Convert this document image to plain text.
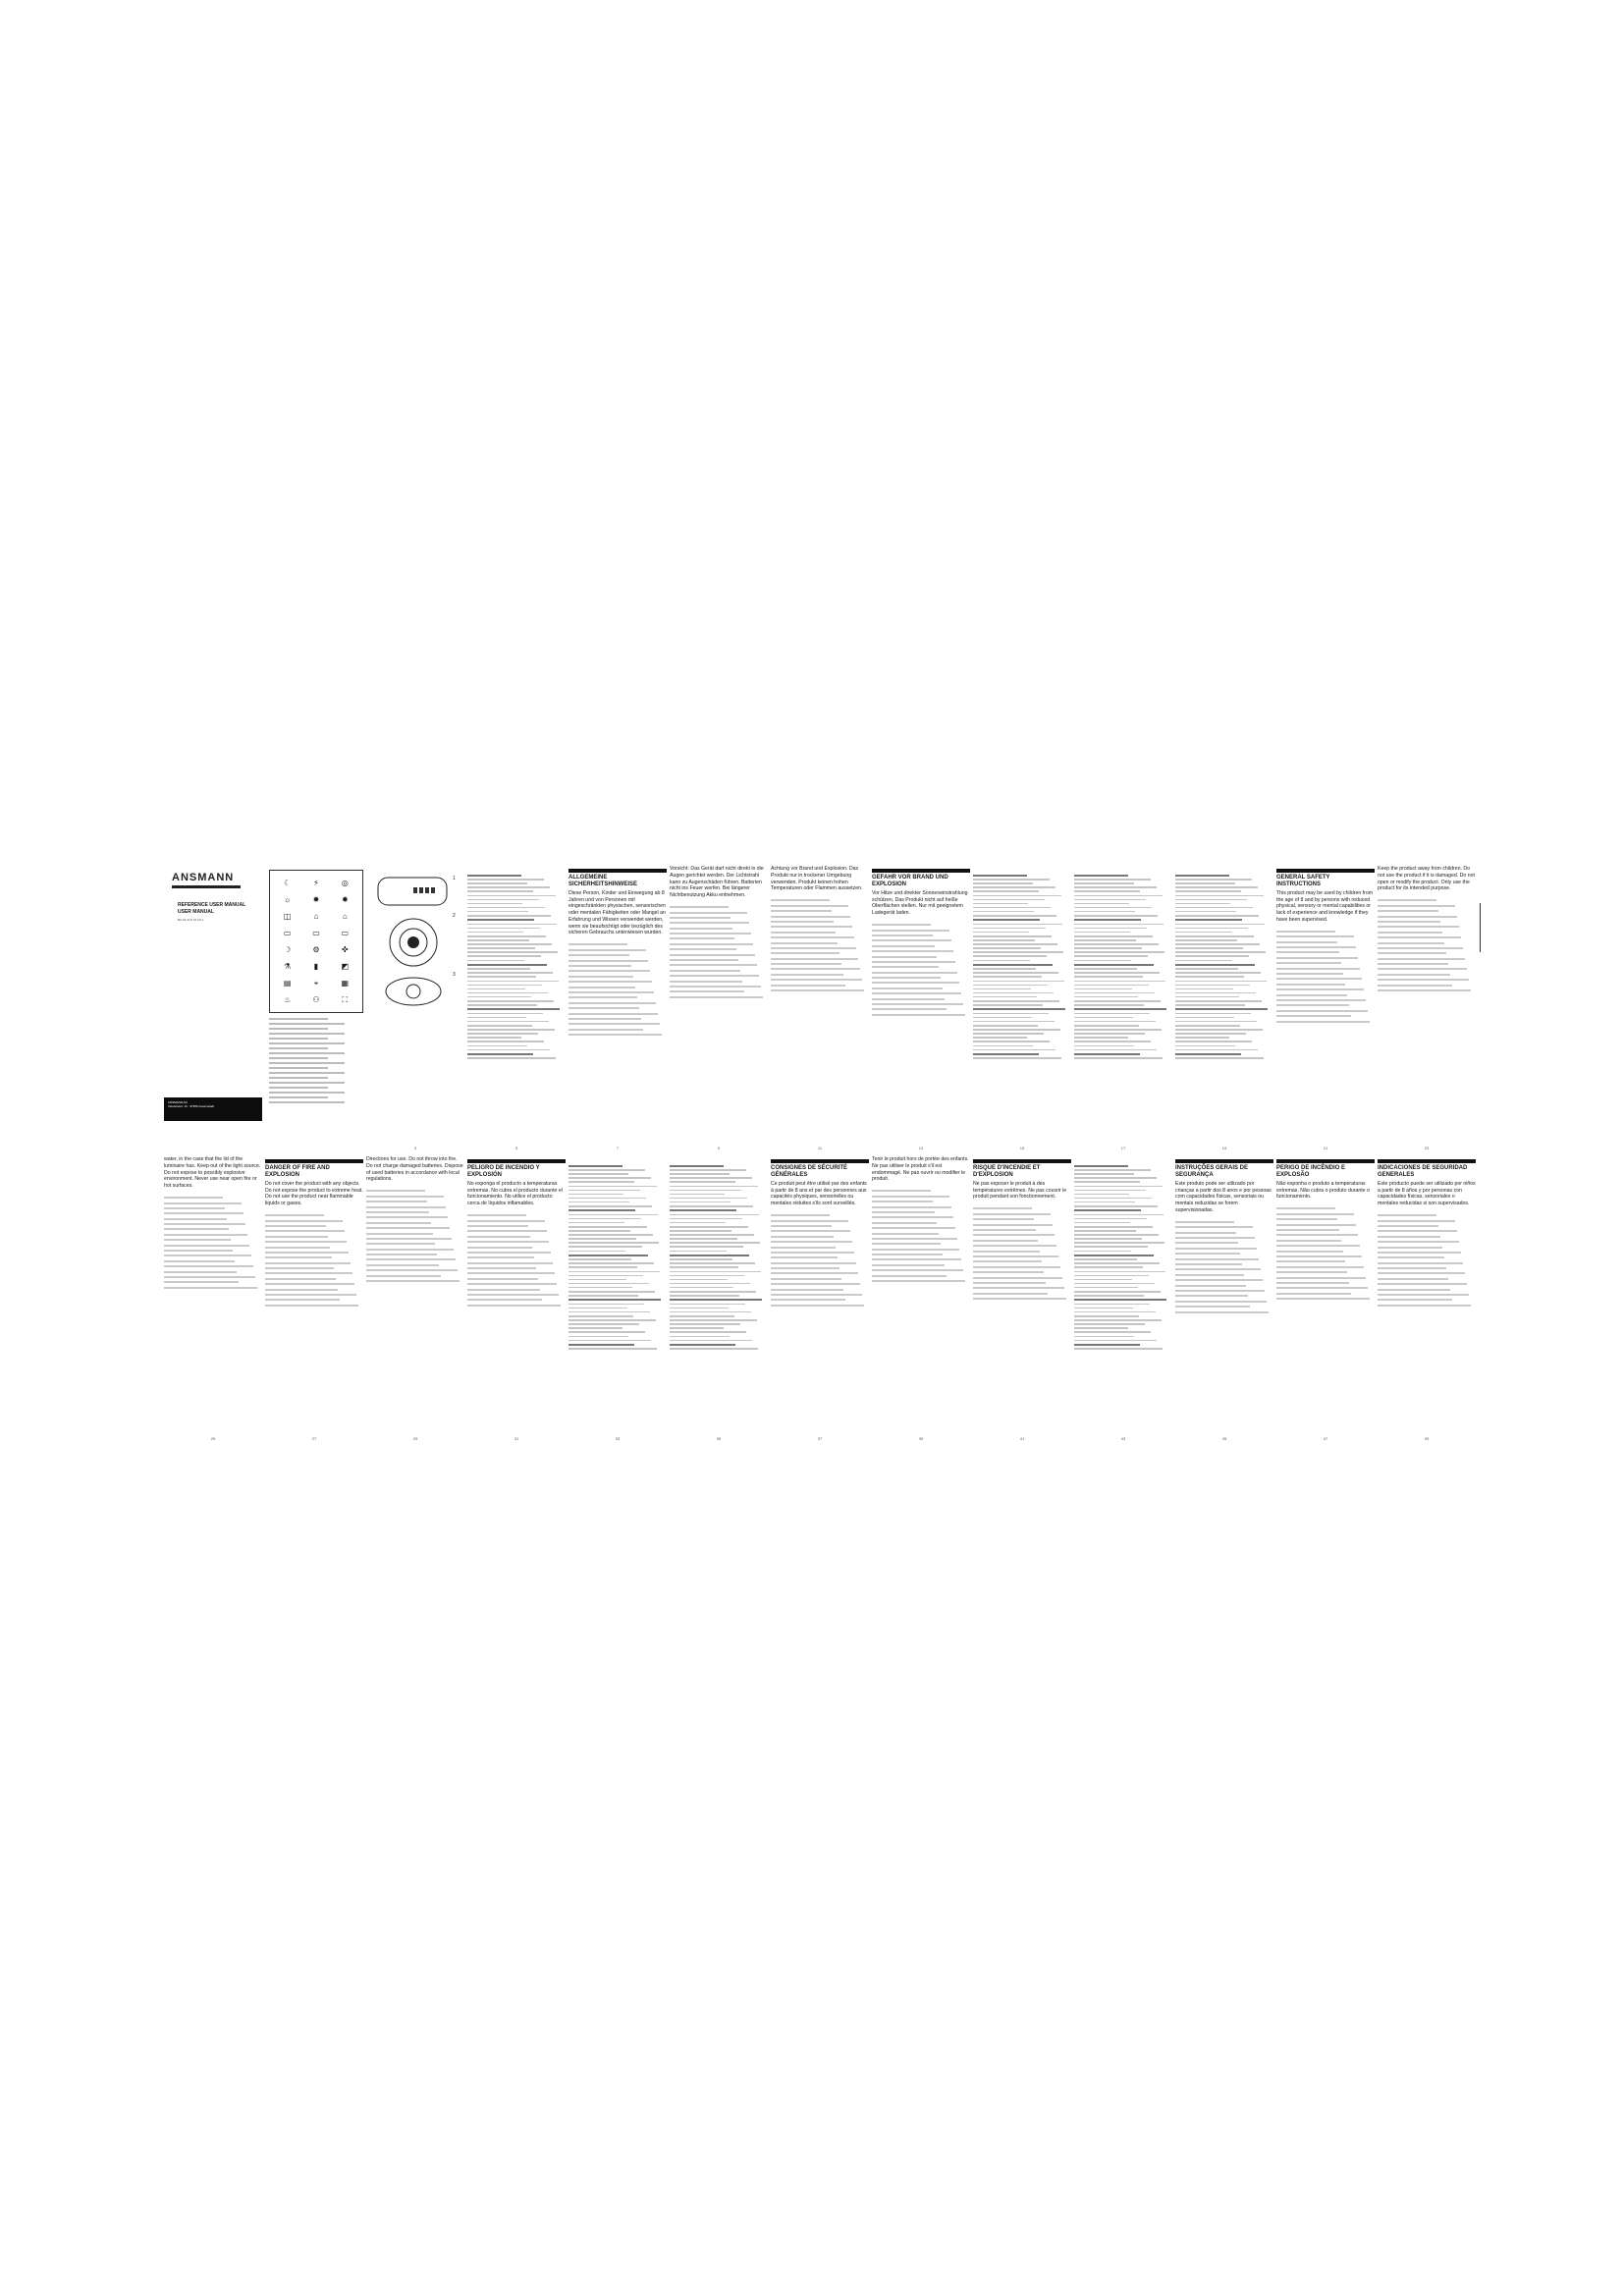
ANSMANN
REFERENCE USER MANUAL
USER MANUAL
BA-01 CLP 22 LD 1
ANSMANN AG
Industriestr. 10 · 97959 Assamstadt
☾	⚡	◎
☼	✹	✹
◫	⌂	⌂
▭	▭	▭
☽	⚙	✜
⚗	▮	◩
▤	⌖	▦
♨	⚇	⛶
1
2
3
3	5
ALLGEMEINE SICHERHEITSHINWEISE
Diese Person, Kinder und Einwegung ab 8 Jahren und von Personen mit eingeschränkten physischen, sensorischen oder mentalen Fähigkeiten oder Mangel an Erfahrung und Wissen verwendet werden, wenn sie beaufsichtigt oder bezüglich des sicheren Gebrauchs unterwiesen wurden.
7
Vorsicht: Das Gerät darf nicht direkt in die Augen gerichtet werden. Der Lichtstrahl kann zu Augenschäden führen. Batterien nicht ins Feuer werfen. Bei längerer Nichtbenutzung Akku entnehmen.
9
Achtung vor Brand und Explosion. Das Produkt nur in trockener Umgebung verwenden. Produkt keinen hohen Temperaturen oder Flammen aussetzen.
11
GEFAHR VOR BRAND UND EXPLOSION
Vor Hitze und direkter Sonneneinstrahlung schützen. Das Produkt nicht auf heiße Oberflächen stellen. Nur mit geeignetem Ladegerät laden.
13	15	17	19
GENERAL SAFETY INSTRUCTIONS
This product may be used by children from the age of 8 and by persons with reduced physical, sensory or mental capabilities or lack of experience and knowledge if they have been supervised.
21
Keep the product away from children. Do not use the product if it is damaged. Do not open or modify the product. Only use the product for its intended purpose.
23
water, in the case that the lid of the luminaire has. Keep out of the light source. Do not expose to possibly explosive environment. Never use near open fire or hot surfaces.
25
DANGER OF FIRE AND EXPLOSION
Do not cover the product with any objects. Do not expose the product to extreme heat. Do not use the product near flammable liquids or gases.
27
Directions for use. Do not throw into fire. Do not charge damaged batteries. Dispose of used batteries in accordance with local regulations.
29
PELIGRO DE INCENDIO Y EXPLOSIÓN
No exponga el producto a temperaturas extremas. No cubra el producto durante el funcionamiento. No utilice el producto cerca de líquidos inflamables.
31	33	35
CONSIGNES DE SÉCURITÉ GÉNÉRALES
Ce produit peut être utilisé par des enfants à partir de 8 ans et par des personnes aux capacités physiques, sensorielles ou mentales réduites s'ils sont surveillés.
37
Tenir le produit hors de portée des enfants. Ne pas utiliser le produit s'il est endommagé. Ne pas ouvrir ou modifier le produit.
39
RISQUE D'INCENDIE ET D'EXPLOSION
Ne pas exposer le produit à des températures extrêmes. Ne pas couvrir le produit pendant son fonctionnement.
41	43
INSTRUÇÕES GERAIS DE SEGURANÇA
Este produto pode ser utilizado por crianças a partir dos 8 anos e por pessoas com capacidades físicas, sensoriais ou mentais reduzidas se forem supervisionadas.
45
PERIGO DE INCÊNDIO E EXPLOSÃO
Não exponha o produto a temperaturas extremas. Não cubra o produto durante o funcionamento.
47
INDICACIONES DE SEGURIDAD GENERALES
Este producto puede ser utilizado por niños a partir de 8 años y por personas con capacidades físicas, sensoriales o mentales reducidas si son supervisados.
49
